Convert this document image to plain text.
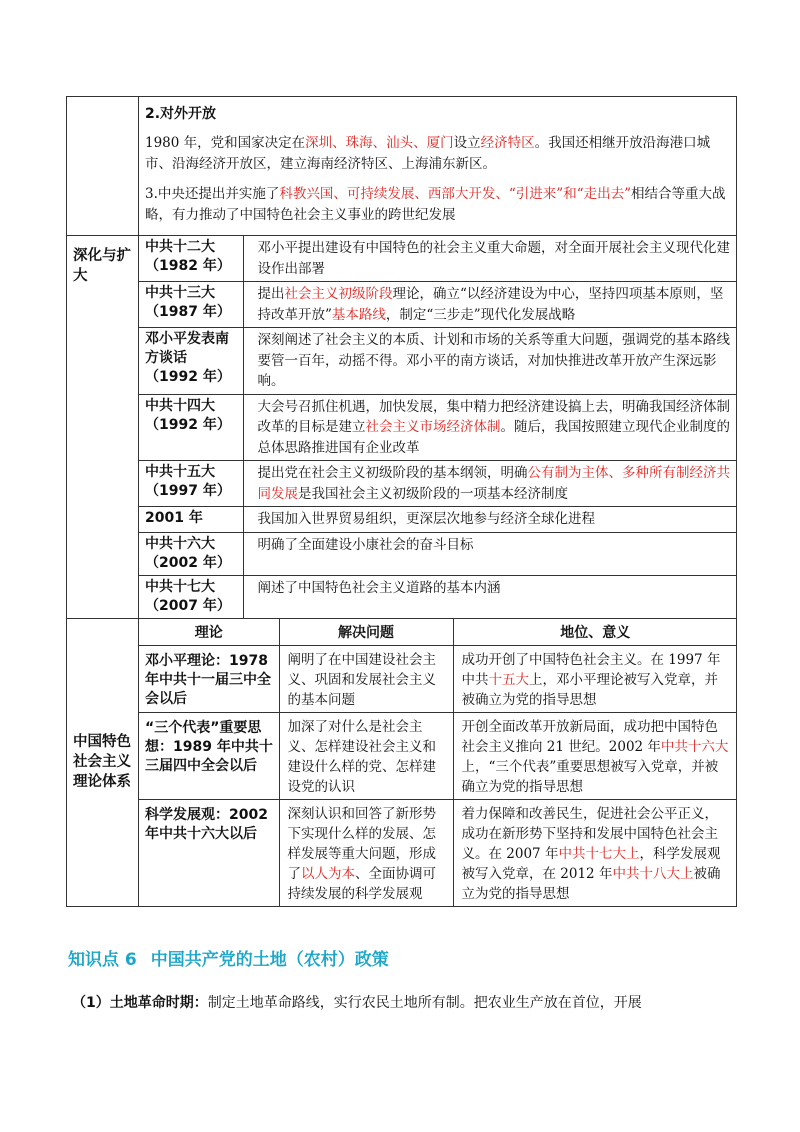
2.对外开放
1980 年，党和国家决定在深圳、珠海、汕头、厦门设立经济特区。我国还相继开放沿海港口城市、沿海经济开放区，建立海南经济特区、上海浦东新区。
3.中央还提出并实施了科教兴国、可持续发展、西部大开发、“引进来”和“走出去”相结合等重大战略，有力推动了中国特色社会主义事业的跨世纪发展

深化与扩大	
中共十二大（1982 年）	邓小平提出建设有中国特色的社会主义重大命题，对全面开展社会主义现代化建设作出部署
中共十三大（1987 年）	提出社会主义初级阶段理论，确立“以经济建设为中心，坚持四项基本原则，坚持改革开放”基本路线，制定“三步走”现代化发展战略
邓小平发表南方谈话（1992 年）	深刻阐述了社会主义的本质、计划和市场的关系等重大问题，强调党的基本路线要管一百年，动摇不得。邓小平的南方谈话，对加快推进改革开放产生深远影响。
中共十四大（1992 年）	大会号召抓住机遇，加快发展，集中精力把经济建设搞上去，明确我国经济体制改革的目标是建立社会主义市场经济体制。随后，我国按照建立现代企业制度的总体思路推进国有企业改革
中共十五大（1997 年）	提出党在社会主义初级阶段的基本纲领，明确公有制为主体、多种所有制经济共同发展是我国社会主义初级阶段的一项基本经济制度
2001 年	我国加入世界贸易组织，更深层次地参与经济全球化进程
中共十六大（2002 年）	明确了全面建设小康社会的奋斗目标
中共十七大（2007 年）	阐述了中国特色社会主义道路的基本内涵

中国特色社会主义理论体系	
理论	解决问题	地位、意义
邓小平理论：1978 年中共十一届三中全会以后	阐明了在中国建设社会主义、巩固和发展社会主义的基本问题	成功开创了中国特色社会主义。在 1997 年中共十五大上，邓小平理论被写入党章，并被确立为党的指导思想
“三个代表”重要思想：1989 年中共十三届四中全会以后	加深了对什么是社会主义、怎样建设社会主义和建设什么样的党、怎样建设党的认识	开创全面改革开放新局面，成功把中国特色社会主义推向 21 世纪。2002 年中共十六大上，“三个代表”重要思想被写入党章，并被确立为党的指导思想
科学发展观：2002 年中共十六大以后	深刻认识和回答了新形势下实现什么样的发展、怎样发展等重大问题，形成了以人为本、全面协调可持续发展的科学发展观	着力保障和改善民生，促进社会公平正义，成功在新形势下坚持和发展中国特色社会主义。在 2007 年中共十七大上，科学发展观被写入党章，在 2012 年中共十八大上被确立为党的指导思想
知识点 6 中国共产党的土地（农村）政策
（1）土地革命时期：制定土地革命路线，实行农民土地所有制。把农业生产放在首位，开展
